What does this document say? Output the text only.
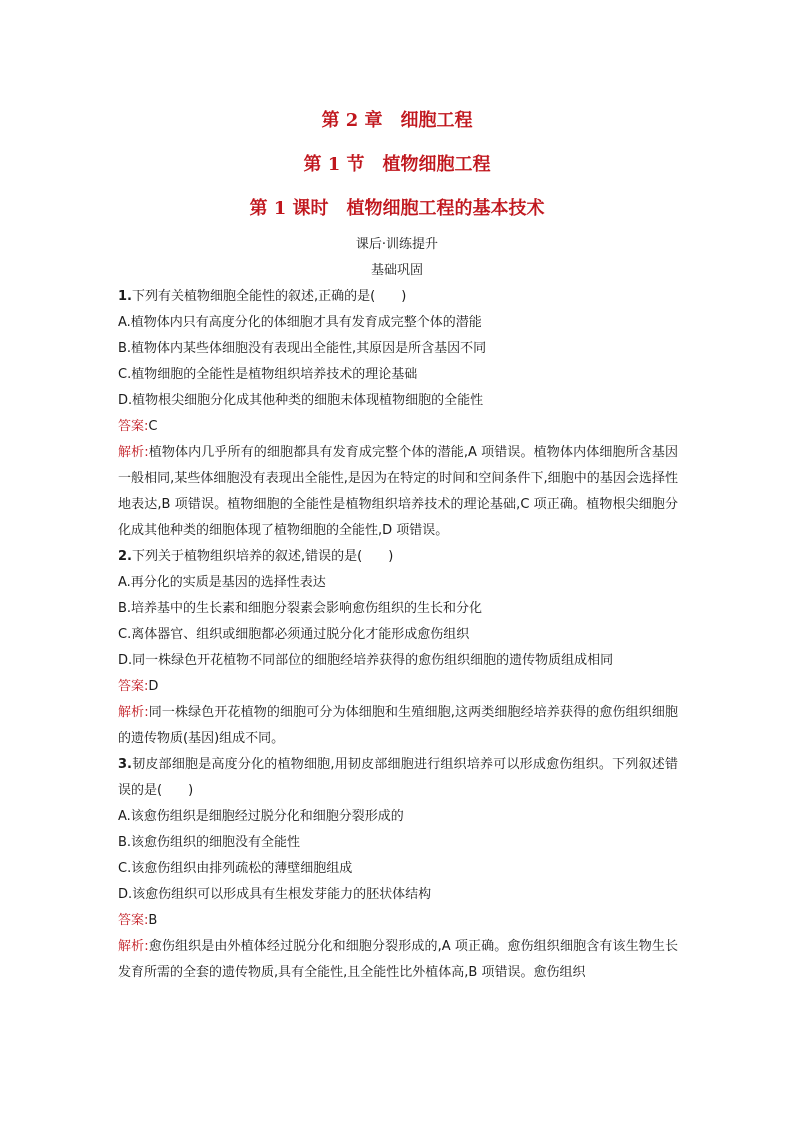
第 2 章　细胞工程
第 1 节　植物细胞工程
第 1 课时　植物细胞工程的基本技术
课后·训练提升
基础巩固

1.下列有关植物细胞全能性的叙述,正确的是(　　)

A.植物体内只有高度分化的体细胞才具有发育成完整个体的潜能

B.植物体内某些体细胞没有表现出全能性,其原因是所含基因不同

C.植物细胞的全能性是植物组织培养技术的理论基础

D.植物根尖细胞分化成其他种类的细胞未体现植物细胞的全能性

答案:C

解析:植物体内几乎所有的细胞都具有发育成完整个体的潜能,A 项错误。植物体内体细胞所含基因一般相同,某些体细胞没有表现出全能性,是因为在特定的时间和空间条件下,细胞中的基因会选择性地表达,B 项错误。植物细胞的全能性是植物组织培养技术的理论基础,C 项正确。植物根尖细胞分化成其他种类的细胞体现了植物细胞的全能性,D 项错误。

2.下列关于植物组织培养的叙述,错误的是(　　)

A.再分化的实质是基因的选择性表达

B.培养基中的生长素和细胞分裂素会影响愈伤组织的生长和分化

C.离体器官、组织或细胞都必须通过脱分化才能形成愈伤组织

D.同一株绿色开花植物不同部位的细胞经培养获得的愈伤组织细胞的遗传物质组成相同

答案:D

解析:同一株绿色开花植物的细胞可分为体细胞和生殖细胞,这两类细胞经培养获得的愈伤组织细胞的遗传物质(基因)组成不同。

3.韧皮部细胞是高度分化的植物细胞,用韧皮部细胞进行组织培养可以形成愈伤组织。下列叙述错误的是(　　)

A.该愈伤组织是细胞经过脱分化和细胞分裂形成的

B.该愈伤组织的细胞没有全能性

C.该愈伤组织由排列疏松的薄壁细胞组成

D.该愈伤组织可以形成具有生根发芽能力的胚状体结构

答案:B

解析:愈伤组织是由外植体经过脱分化和细胞分裂形成的,A 项正确。愈伤组织细胞含有该生物生长发育所需的全套的遗传物质,具有全能性,且全能性比外植体高,B 项错误。愈伤组织
